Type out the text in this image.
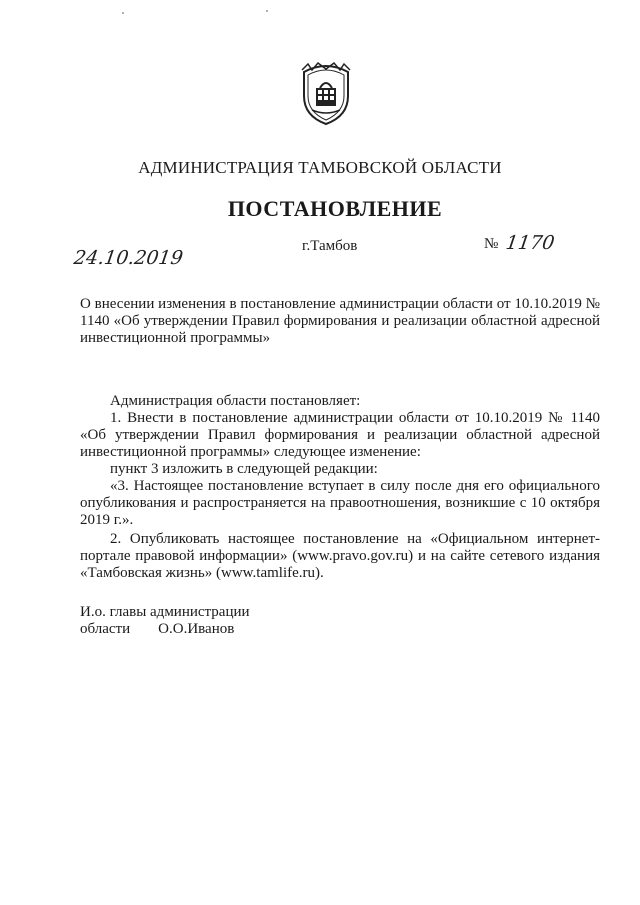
АДМИНИСТРАЦИЯ ТАМБОВСКОЙ ОБЛАСТИ
ПОСТАНОВЛЕНИЕ
24.10.2019
г.Тамбов	№ 1170
О внесении изменения в постановление администрации области от 10.10.2019 № 1140 «Об утверждении Правил формирования и реализации областной адресной инвестиционной программы»

Администрация области постановляет:

1. Внести в постановление администрации области от 10.10.2019 № 1140 «Об утверждении Правил формирования и реализации областной адресной инвестиционной программы» следующее изменение:

пункт 3 изложить в следующей редакции:

«3. Настоящее постановление вступает в силу после дня его официального опубликования и распространяется на правоотношения, возникшие с 10 октября 2019 г.».

2. Опубликовать настоящее постановление на «Официальном интернет-портале правовой информации» (www.pravo.gov.ru) и на сайте сетевого издания «Тамбовская жизнь» (www.tamlife.ru).

И.о. главы администрации
области О.О.Иванов
